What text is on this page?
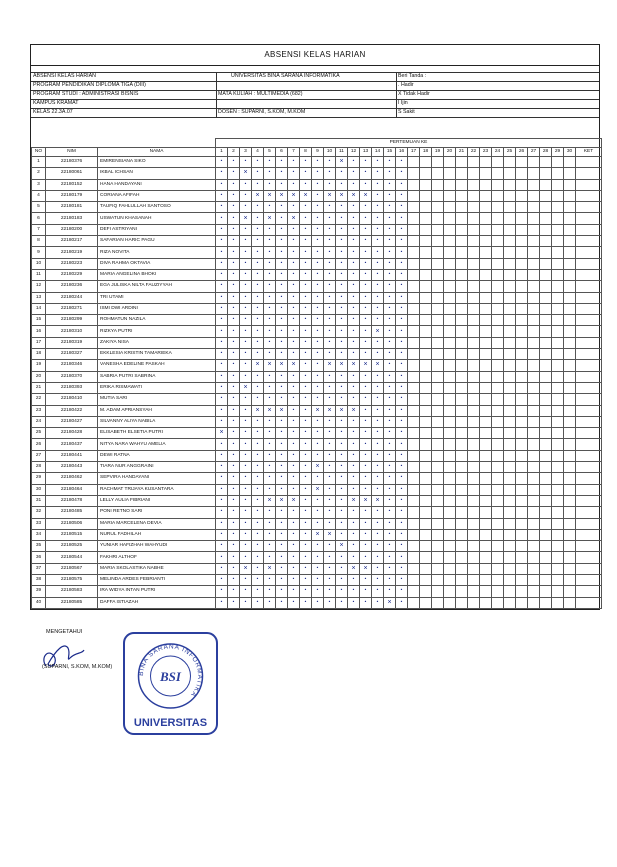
ABSENSI KELAS HARIAN
ABSENSI KELAS HARIAN
PROGRAM PENDIDIKAN DIPLOMA TIGA (DIII)
PROGRAM STUDI : ADMINISTRASI BISNIS
KAMPUS KRAMAT
KELAS 22.3A.07
UNIVERSITAS BINA SARANA INFORMATIKA
MATA KULIAH : MULTIMEDIA (682)
DOSEN : SUPARNI, S.KOM, M.KOM
Beri Tanda :
. Hadir
X Tidak Hadir
I Ijin
S Sakit
			PERTEMUAN KE																														
NO	NIM	NAMA	1	2	3	4	5	6	7	8	9	10	11	12	13	14	15	16	17	18	19	20	21	22	23	24	25	26	27	28	29	30	KET
1	22180376	EMIRENSIANA SIKO	•	•	•	•	•	•	•	•	•	•	×	•	•	•	•	•															
2	22180061	IKBAL ICHSAN	•	•	×	•	•	•	•	•	•	•	•	•	•	•	•	•															
3	22180152	HANA HANDAYANI	•	•	•	•	•	•	•	•	•	•	•	•	•	•	•	•															
4	22180179	CORIANA AFIFAH	•	•	•	×	×	×	×	×	•	×	×	×	×	•	•	•															
5	22180181	TAUFIQ FAHLULLAH SANTOSO	•	•	•	•	•	•	•	•	•	•	•	•	•	•	•	•															
6	22180183	USWATUN KHASANAH	•	•	×	•	×	•	×	•	•	•	•	•	•	•	•	•															
7	22180200	DEFI ASTRIYANI	•	•	•	•	•	•	•	•	•	•	•	•	•	•	•	•															
8	22180217	SAFARIAN HARIC PAGU	•	•	•	•	•	•	•	•	•	•	•	•	•	•	•	•															
9	22180219	RIZA NOVITA	•	•	•	•	•	•	•	•	•	•	•	•	•	•	•	•															
10	22180223	DIVA RAHMA OKTAVIA	•	•	•	•	•	•	•	•	•	•	•	•	•	•	•	•															
11	22180229	MARIA ANGELINA BHOKI	•	•	•	•	•	•	•	•	•	•	•	•	•	•	•	•															
12	22180236	EGA JULISKA NILTA FAUZIYYAH	•	•	•	•	•	•	•	•	•	•	•	•	•	•	•	•															
13	22180244	TRI UTAMI	•	•	•	•	•	•	•	•	•	•	•	•	•	•	•	•															
14	22180271	ISMI DWI ARDINI	•	•	•	•	•	•	•	•	•	•	•	•	•	•	•	•															
15	22180299	ROHMATUN NAZILA	•	•	•	•	•	•	•	•	•	•	•	•	•	•	•	•															
16	22180310	RIZKYA PUTRI	•	•	•	•	•	•	•	•	•	•	•	•	•	×	•	•															
17	22180319	ZAKIYA NISA	•	•	•	•	•	•	•	•	•	•	•	•	•	•	•	•															
18	22180327	EKKLESIA KRISTIN TAMARIEKA	•	•	•	•	•	•	•	•	•	•	•	•	•	•	•	•															
19	22180346	VANESHA EDELINE PASKAH	•	•	•	×	×	×	×	•	•	×	×	×	×	×	•	•															
20	22180370	SABRIA PUTRI SABRINA	•	•	•	•	•	•	•	•	•	•	•	•	•	•	•	•															
21	22180393	ERIKA RISMAWATI	•	•	×	•	•	•	•	•	•	•	•	•	•	•	•	•															
22	22180410	MUTIA SARI	•	•	•	•	•	•	•	•	•	•	•	•	•	•	•	•															
23	22180422	M. ADAM APRIANSYAH	•	•	•	×	×	×	•	•	×	×	×	×	•	•	•	•															
24	22180427	SILVANNY ALIYA NABILA	•	•	•	•	•	•	•	•	•	•	•	•	•	•	•	•															
25	22180428	ELISABETH ELSETIA PUTRI	×	•	•	•	•	•	•	•	•	•	•	•	•	•	•	•															
26	22180437	NITYA NARA WAHYU AMELIA	•	•	•	•	•	•	•	•	•	•	•	•	•	•	•	•															
27	22180441	DEWI RATNA	•	•	•	•	•	•	•	•	•	•	•	•	•	•	•	•															
28	22180443	TIARA NUR ANGGRAINI	•	•	•	•	•	•	•	•	×	•	•	•	•	•	•	•															
29	22180462	SEPVIRA HANDAYANI	•	•	•	•	•	•	•	•	•	•	•	•	•	•	•	•															
30	22180464	RACHMAT TRIJAYA KUSANTARA	•	•	•	•	•	•	•	•	×	•	•	•	•	•	•	•															
31	22180478	LELLY AULIA FIBRIANI	•	•	•	•	×	×	×	•	•	•	•	×	×	×	•	•															
32	22180485	PONI RETNO SARI	•	•	•	•	•	•	•	•	•	•	•	•	•	•	•	•															
33	22180506	MARIA MARCELENA DEVIA	•	•	•	•	•	•	•	•	•	•	•	•	•	•	•	•															
34	22180515	NURUL FADHILAH	•	•	•	•	•	•	•	•	×	×	•	•	•	•	•	•															
35	22180525	YUNIAR HAFIZHAH WAHYUDI	•	•	•	•	•	•	•	•	•	•	×	•	•	•	•	•															
36	22180544	FAKHRI ALTHOF	•	•	•	•	•	•	•	•	•	•	•	•	•	•	•	•															
37	22180567	MARIA SKOLASTIKA NABHE	•	•	×	•	×	•	•	•	•	•	•	×	×	•	•	•															
38	22180575	MELINDA ARDES FEBRIANTI	•	•	•	•	•	•	•	•	•	•	•	•	•	•	•	•															
39	22180583	IRA WIDYA INTAN PUTRI	•	•	•	•	•	•	•	•	•	•	•	•	•	•	•	•															
40	22180585	DAFFA ISTIAZAH	•	•	•	•	•	•	•	•	•	•	•	•	•	•	×	•															
MENGETAHUI
(SUPARNI, S.KOM, M.KOM)
BINA SARANA INFORMATIKA
BSI
UNIVERSITAS
